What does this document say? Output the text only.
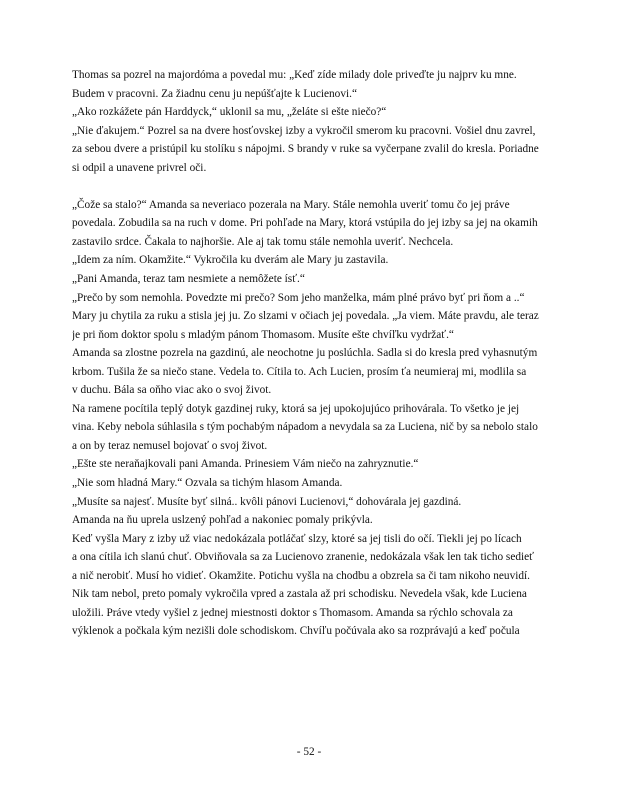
Thomas sa pozrel na majordóma a povedal mu: „Keď zíde milady dole priveďte ju najprv ku mne.
Budem v pracovni. Za žiadnu cenu ju nepúšťajte k Lucienovi.“
„Ako rozkážete pán Harddyck,“ uklonil sa mu, „želáte si ešte niečo?“
„Nie ďakujem.“ Pozrel sa na dvere hosťovskej izby a vykročil smerom ku pracovni. Vošiel dnu zavrel,
za sebou dvere a pristúpil ku stolíku s nápojmi. S brandy v ruke sa vyčerpane zvalil do kresla. Poriadne
si odpil a unavene privrel oči.
„Čože sa stalo?“ Amanda sa neveriaco pozerala na Mary. Stále nemohla uveriť tomu čo jej práve
povedala. Zobudila sa na ruch v dome. Pri pohľade na Mary, ktorá vstúpila do jej izby sa jej na okamih
zastavilo srdce. Čakala to najhoršie. Ale aj tak tomu stále nemohla uveriť. Nechcela.
„Idem za ním. Okamžite.“ Vykročila ku dverám ale Mary ju zastavila.
„Pani Amanda, teraz tam nesmiete a nemôžete ísť.“
„Prečo by som nemohla. Povedzte mi prečo? Som jeho manželka, mám plné právo byť pri ňom a ..“
Mary ju chytila za ruku a stisla jej ju. Zo slzami v očiach jej povedala. „Ja viem. Máte pravdu, ale teraz
je pri ňom doktor spolu s mladým pánom Thomasom. Musíte ešte chvíľku vydržať.“
Amanda sa zlostne pozrela na gazdinú, ale neochotne ju poslúchla. Sadla si do kresla pred vyhasnutým
krbom. Tušila že sa niečo stane. Vedela to. Cítila to. Ach Lucien, prosím ťa neumieraj mi, modlila sa
v duchu. Bála sa oňho viac ako o svoj život.
Na ramene pocítila teplý dotyk gazdinej ruky, ktorá sa jej upokojujúco prihovárala. To všetko je jej
vina. Keby nebola súhlasila s tým pochabým nápadom a nevydala sa za Luciena, nič by sa nebolo stalo
a on by teraz nemusel bojovať o svoj život.
„Ešte ste neraňajkovali pani Amanda. Prinesiem Vám niečo na zahryznutie.“
„Nie som hladná Mary.“ Ozvala sa tichým hlasom Amanda.
„Musíte sa najesť. Musíte byť silná.. kvôli pánovi Lucienovi,“ dohovárala jej gazdiná.
Amanda na ňu uprela uslzený pohľad a nakoniec pomaly prikývla.
Keď vyšla Mary z izby už viac nedokázala potláčať slzy, ktoré sa jej tisli do očí. Tiekli jej po lícach
a ona cítila ich slanú chuť. Obviňovala sa za Lucienovo zranenie, nedokázala však len tak ticho sedieť
a nič nerobiť. Musí ho vidieť. Okamžite. Potichu vyšla na chodbu a obzrela sa či tam nikoho neuvidí.
Nik tam nebol, preto pomaly vykročila vpred a zastala až pri schodisku. Nevedela však, kde Luciena
uložili. Práve vtedy vyšiel z jednej miestnosti doktor s Thomasom. Amanda sa rýchlo schovala za
výklenok a počkala kým nezišli dole schodiskom. Chvíľu počúvala ako sa rozprávajú a keď počula
- 52 -
